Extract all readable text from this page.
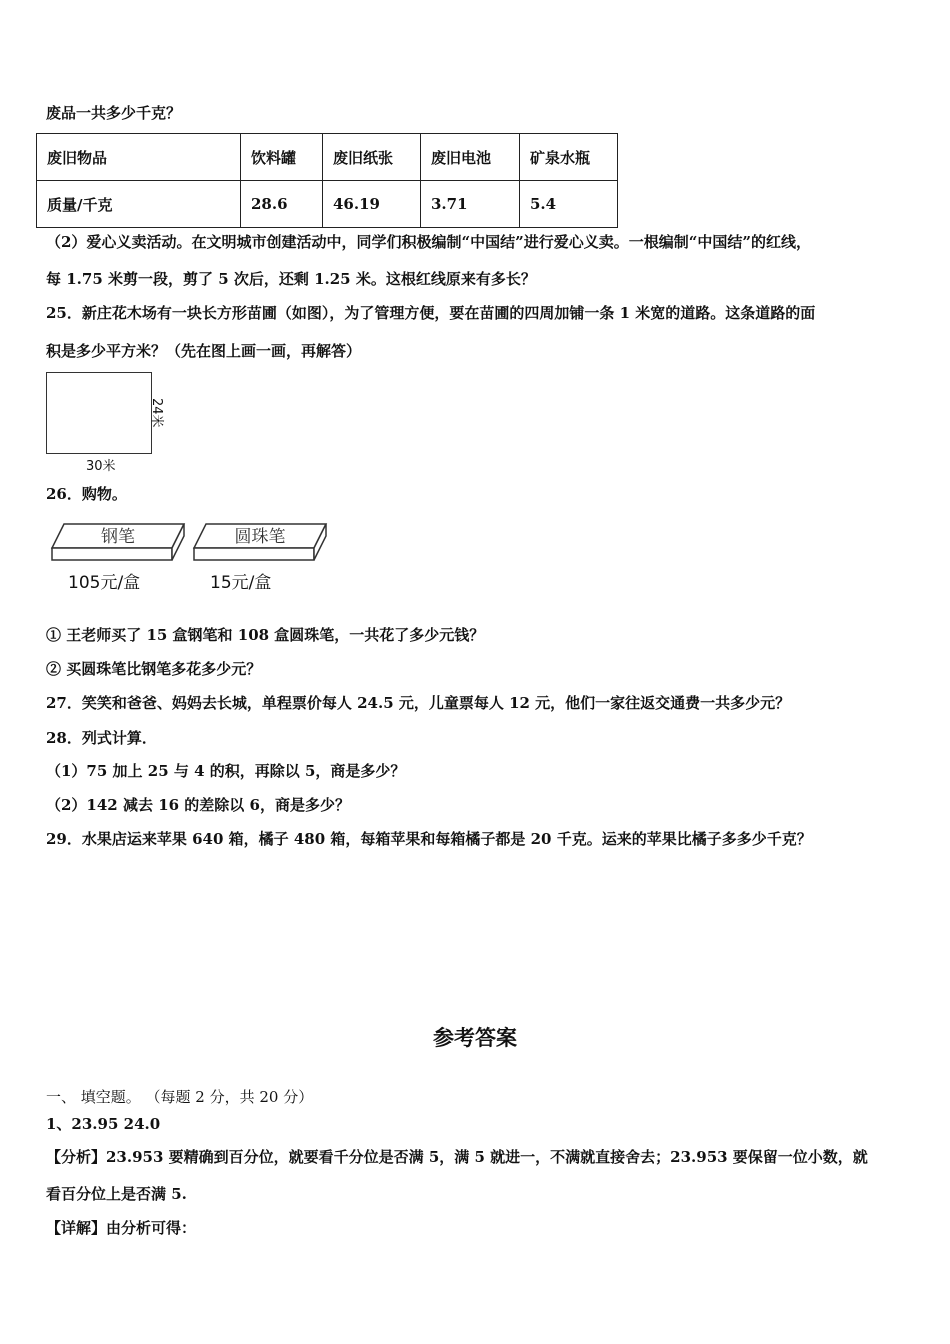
废品一共多少千克？
废旧物品	饮料罐	废旧纸张	废旧电池	矿泉水瓶
质量/千克	28.6	46.19	3.71	5.4
（2）爱心义卖活动。在文明城市创建活动中，同学们积极编制“中国结”进行爱心义卖。一根编制“中国结”的红线，
每 1.75 米剪一段，剪了 5 次后，还剩 1.25 米。这根红线原来有多长？
25．新庄花木场有一块长方形苗圃（如图），为了管理方便，要在苗圃的四周加铺一条 1 米宽的道路。这条道路的面
积是多少平方米？（先在图上画一画，再解答）
24米
30米
26．购物。
钢笔	圆珠笔
105元/盒	15元/盒
① 王老师买了 15 盒钢笔和 108 盒圆珠笔，一共花了多少元钱？
② 买圆珠笔比钢笔多花多少元？
27．笑笑和爸爸、妈妈去长城，单程票价每人 24.5 元，儿童票每人 12 元，他们一家往返交通费一共多少元？
28．列式计算．
（1）75 加上 25 与 4 的积，再除以 5，商是多少？
（2）142 减去 16 的差除以 6，商是多少？
29．水果店运来苹果 640 箱，橘子 480 箱，每箱苹果和每箱橘子都是 20 千克。运来的苹果比橘子多多少千克？
参考答案
一、 填空题。 （每题 2 分，共 20 分）
1、23.95 24.0
【分析】23.953 要精确到百分位，就要看千分位是否满 5，满 5 就进一，不满就直接舍去；23.953 要保留一位小数，就
看百分位上是否满 5.
【详解】由分析可得：
